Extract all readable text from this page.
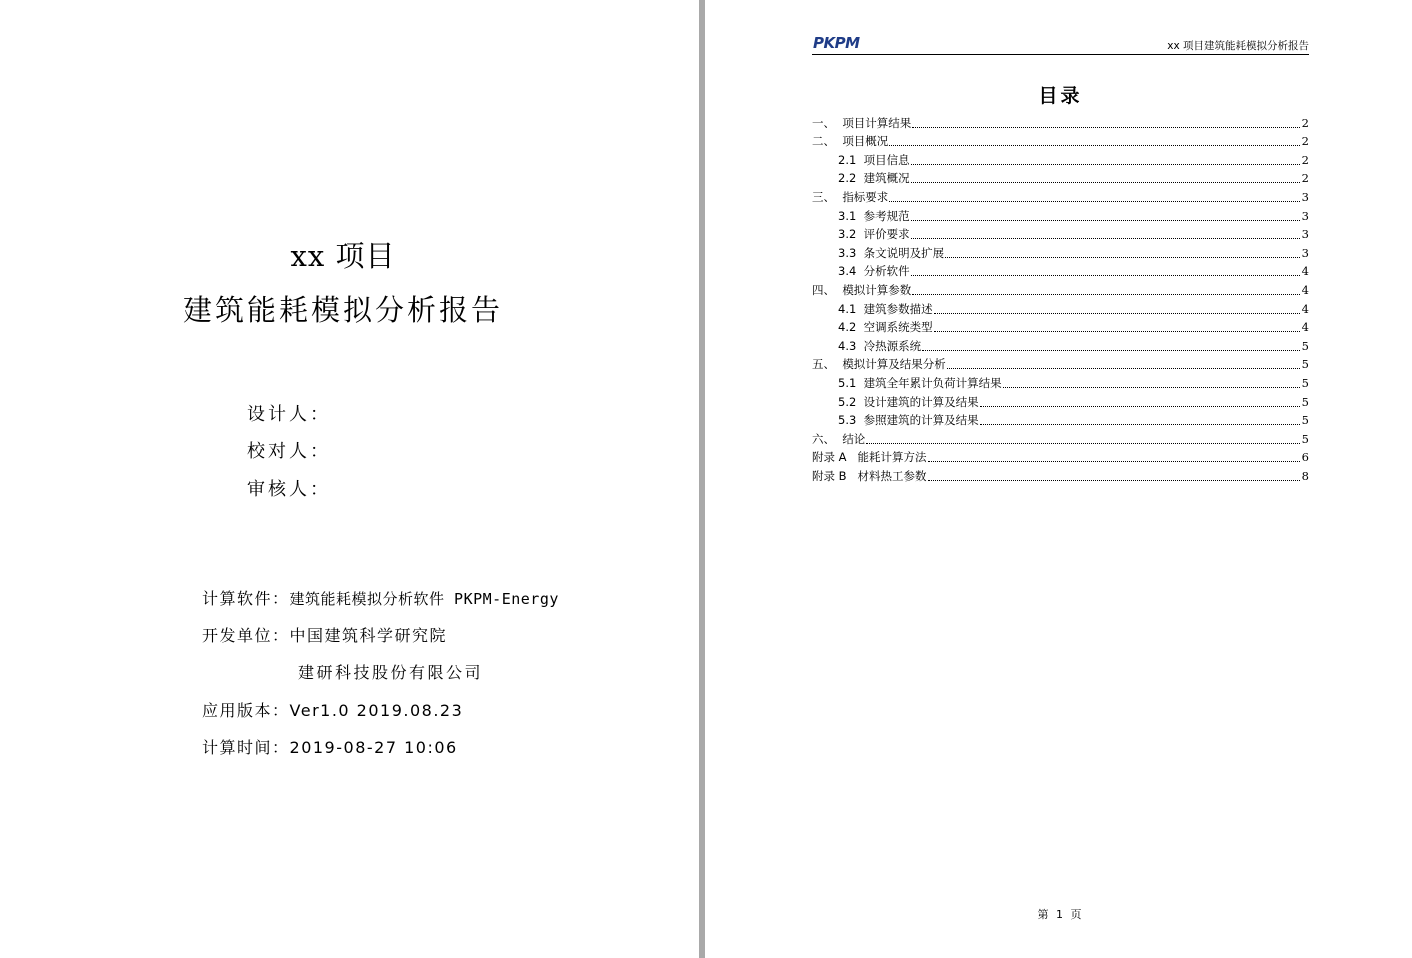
xx 项目
建筑能耗模拟分析报告
设计人：
校对人：
审核人：
计算软件：建筑能耗模拟分析软件 PKPM-Energy
开发单位：中国建筑科学研究院
建研科技股份有限公司
应用版本：Ver1.0 2019.08.23
计算时间：2019-08-27 10:06
PKPM	xx 项目建筑能耗模拟分析报告
目录
一、 项目计算结果	2
二、 项目概况	2
2.1 项目信息	2
2.2 建筑概况	2
三、 指标要求	3
3.1 参考规范	3
3.2 评价要求	3
3.3 条文说明及扩展	3
3.4 分析软件	4
四、 模拟计算参数	4
4.1 建筑参数描述	4
4.2 空调系统类型	4
4.3 冷热源系统	5
五、 模拟计算及结果分析	5
5.1 建筑全年累计负荷计算结果	5
5.2 设计建筑的计算及结果	5
5.3 参照建筑的计算及结果	5
六、 结论	5
附录 A 能耗计算方法	6
附录 B 材料热工参数	8
第 1 页
